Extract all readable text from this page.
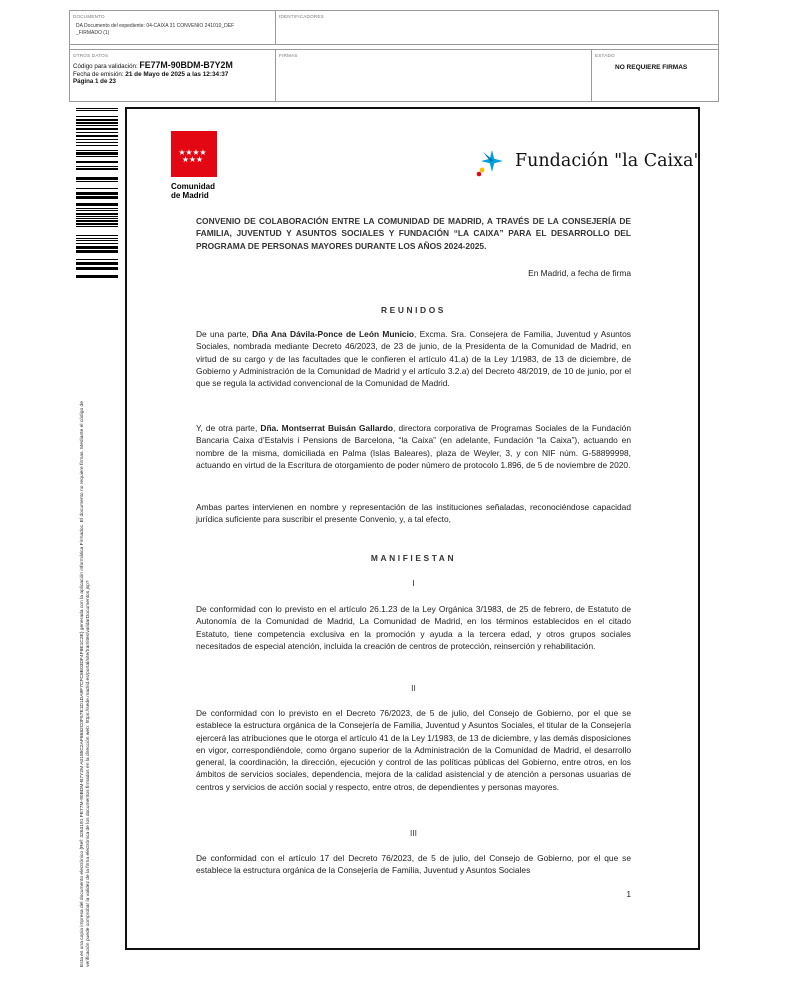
DOCUMENTO
DA Documento del expediente: 04-CAIXA 31 CONVENIO 241010_DEF
_FIRMADO (1)
IDENTIFICADORES
OTROS DATOS
Código para validación: FE77M-90BDM-B7Y2M
Fecha de emisión: 21 de Mayo de 2025 a las 12:34:37
Página 1 de 23
FIRMAS	ESTADO
NO REQUIERE FIRMAS
Esta es una copia impresa del documento electrónico (Ref: 3263191 FE77M-90BDM-B7Y2M A0185C2AF8682C0F57E1D1DA9F7CFC8B03DF4F8E1C2E) generada con la aplicación informática Firmadoc. El documento no requiere firmas. Mediante el código de verificación puede comprobar la validez de la firma electrónica de los documentos firmados en la dirección web: https://sede.madrid.es/portal/site/tramites/validarDocumentos.jsp?
★ ★ ★ ★
★ ★ ★
Comunidad
de Madrid
Fundación "la Caixa"
CONVENIO DE COLABORACIÓN ENTRE LA COMUNIDAD DE MADRID, A TRAVÉS DE LA CONSEJERÍA DE FAMILIA, JUVENTUD Y ASUNTOS SOCIALES Y FUNDACIÓN “LA CAIXA” PARA EL DESARROLLO DEL PROGRAMA DE PERSONAS MAYORES DURANTE LOS AÑOS 2024-2025.
En Madrid, a fecha de firma
REUNIDOS
De una parte, Dña Ana Dávila-Ponce de León Municio, Excma. Sra. Consejera de Familia, Juventud y Asuntos Sociales, nombrada mediante Decreto 46/2023, de 23 de junio, de la Presidenta de la Comunidad de Madrid, en virtud de su cargo y de las facultades que le confieren el artículo 41.a) de la Ley 1/1983, de 13 de diciembre, de Gobierno y Administración de la Comunidad de Madrid y el artículo 3.2.a) del Decreto 48/2019, de 10 de junio, por el que se regula la actividad convencional de la Comunidad de Madrid.
Y, de otra parte, Dña. Montserrat Buisán Gallardo, directora corporativa de Programas Sociales de la Fundación Bancaria Caixa d’Estalvis i Pensions de Barcelona, “la Caixa” (en adelante, Fundación “la Caixa”), actuando en nombre de la misma, domiciliada en Palma (Islas Baleares), plaza de Weyler, 3, y con NIF núm. G-58899998, actuando en virtud de la Escritura de otorgamiento de poder número de protocolo 1.896, de 5 de noviembre de 2020.
Ambas partes intervienen en nombre y representación de las instituciones señaladas, reconociéndose capacidad jurídica suficiente para suscribir el presente Convenio, y, a tal efecto,
MANIFIESTAN
I
De conformidad con lo previsto en el artículo 26.1.23 de la Ley Orgánica 3/1983, de 25 de febrero, de Estatuto de Autonomía de la Comunidad de Madrid, La Comunidad de Madrid, en los términos establecidos en el citado Estatuto, tiene competencia exclusiva en la promoción y ayuda a la tercera edad, y otros grupos sociales necesitados de especial atención, incluida la creación de centros de protección, reinserción y rehabilitación.
II
De conformidad con lo previsto en el Decreto 76/2023, de 5 de julio, del Consejo de Gobierno, por el que se establece la estructura orgánica de la Consejería de Familia, Juventud y Asuntos Sociales, el titular de la Consejería ejercerá las atribuciones que le otorga el artículo 41 de la Ley 1/1983, de 13 de diciembre, y las demás disposiciones en vigor, correspondiéndole, como órgano superior de la Administración de la Comunidad de Madrid, el desarrollo general, la coordinación, la dirección, ejecución y control de las políticas públicas del Gobierno, entre otros, en los ámbitos de servicios sociales, dependencia, mejora de la calidad asistencial y de atención a personas usuarias de centros y servicios de acción social y respecto, entre otros, de dependientes y personas mayores.
III
De conformidad con el artículo 17 del Decreto 76/2023, de 5 de julio, del Consejo de Gobierno, por el que se establece la estructura orgánica de la Consejería de Familia, Juventud y Asuntos Sociales
1
